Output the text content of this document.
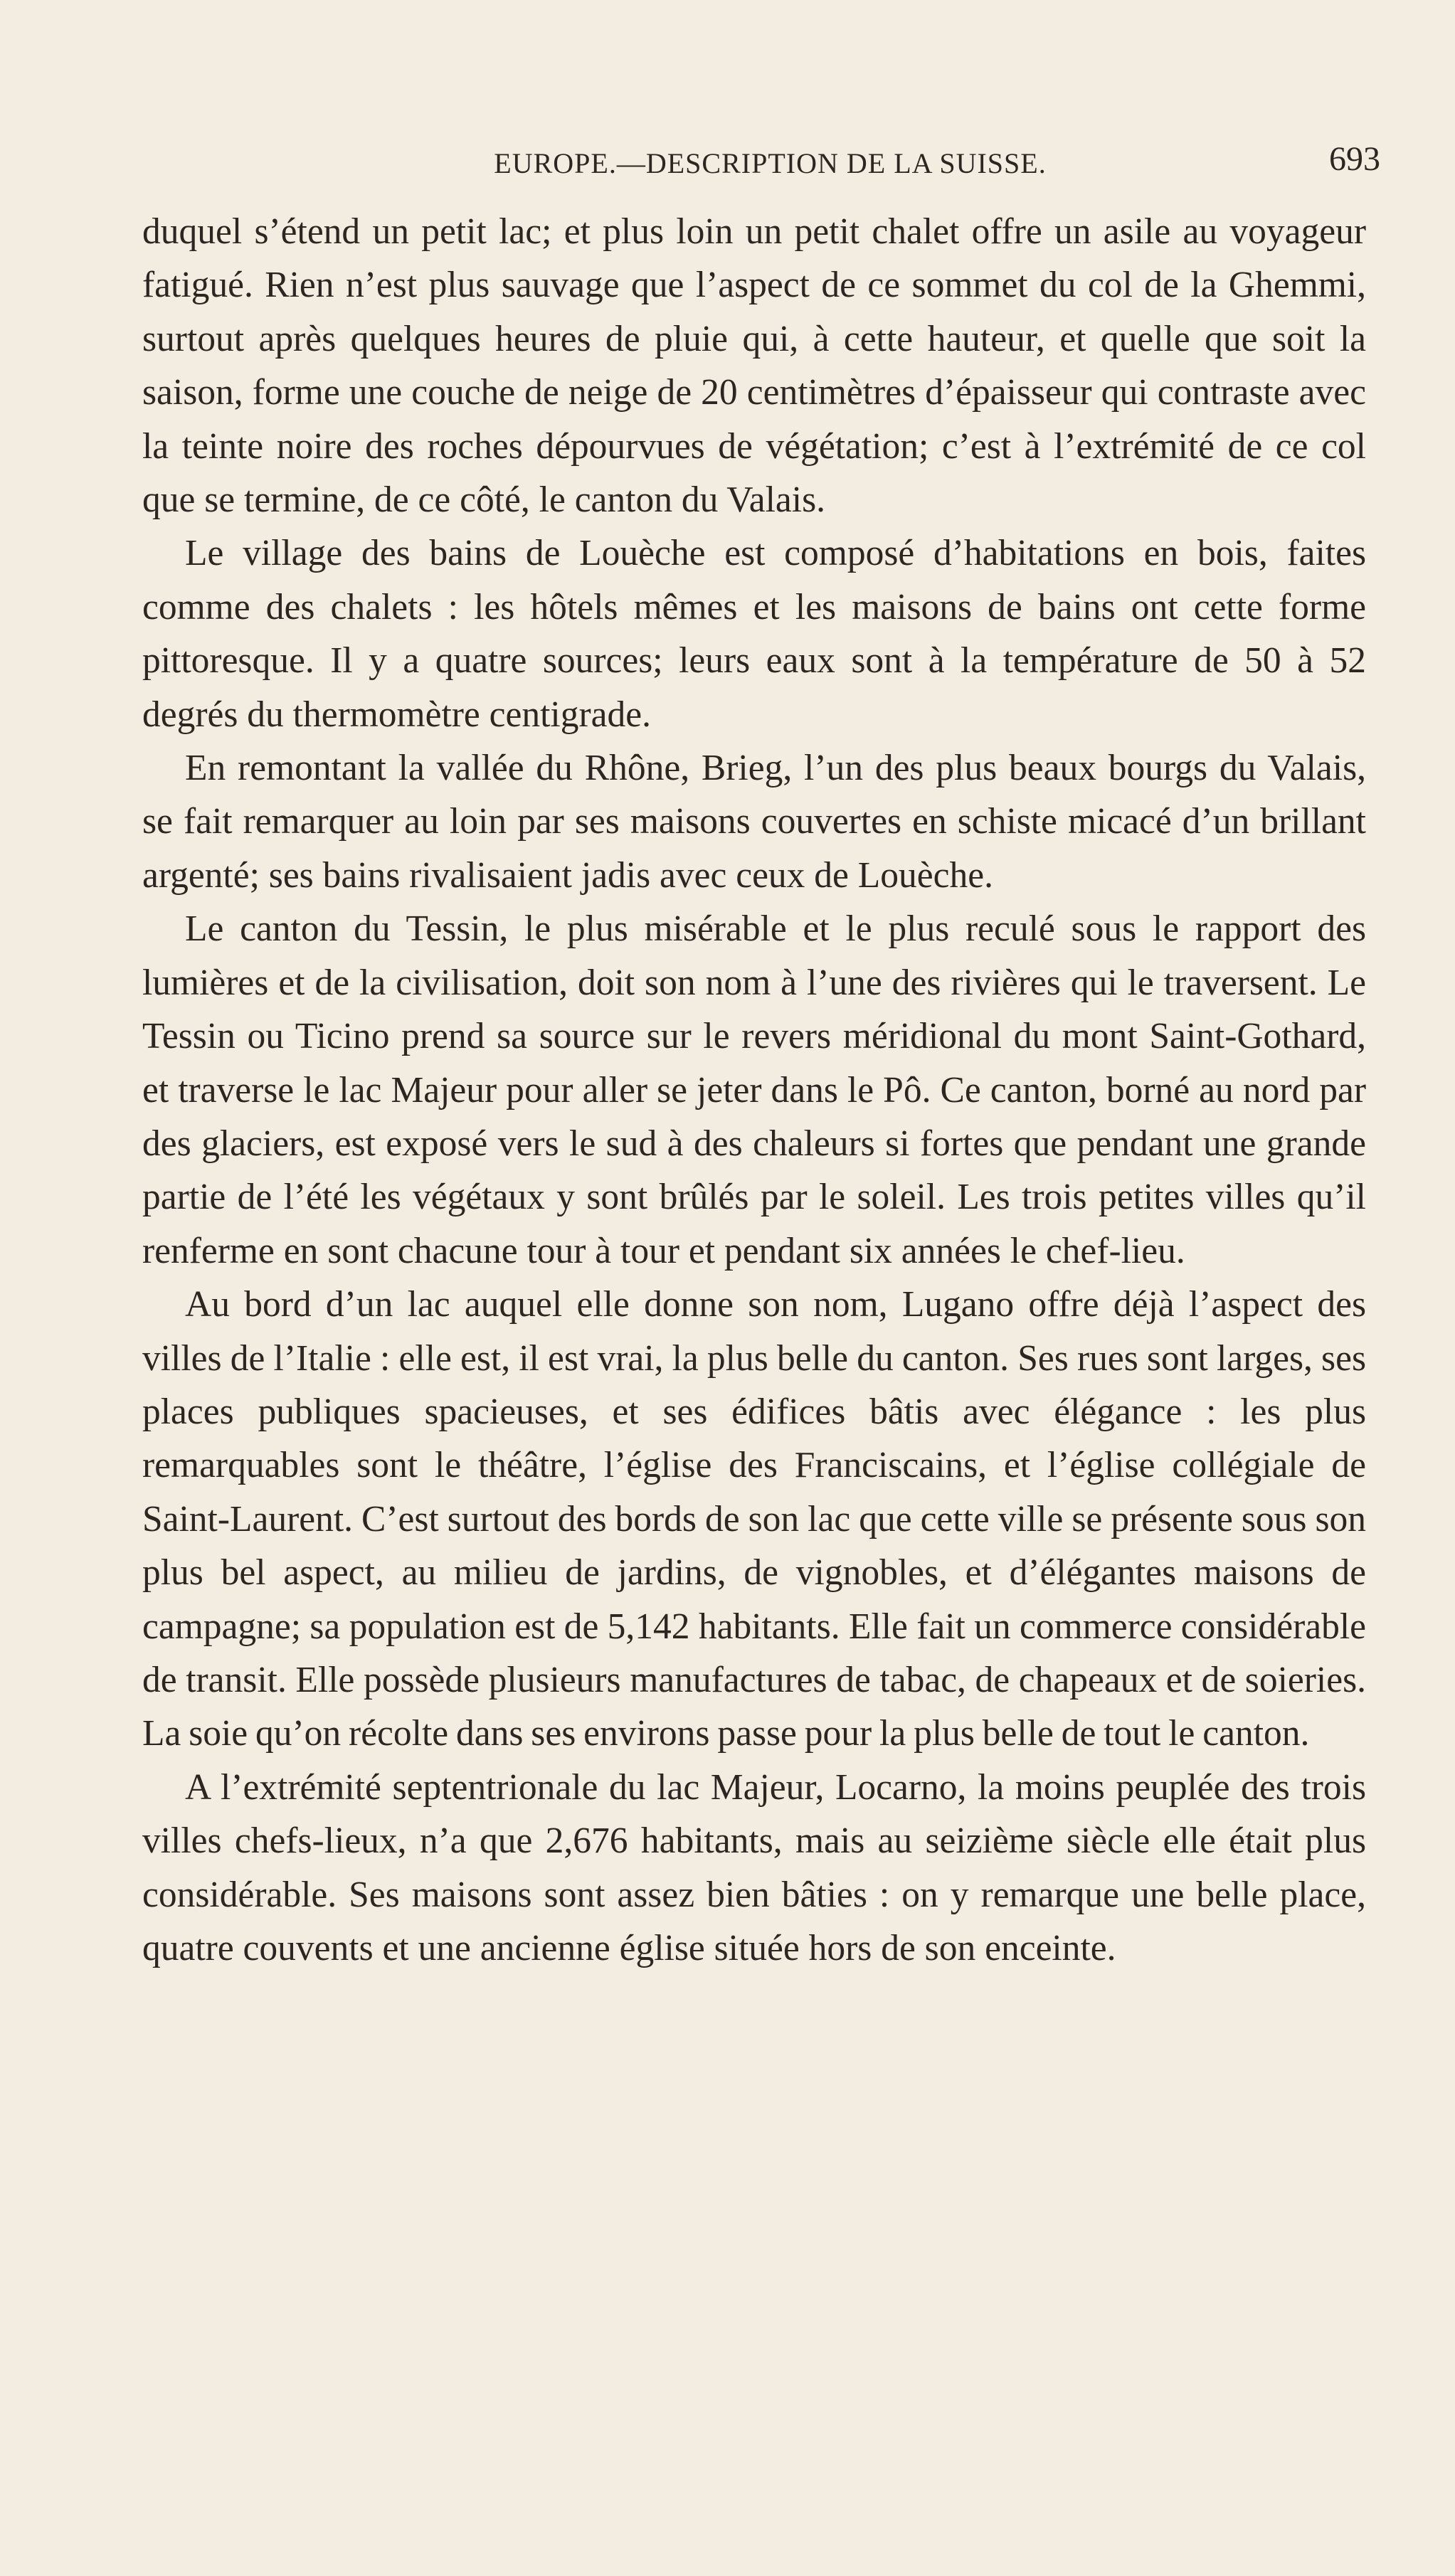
EUROPE.—DESCRIPTION DE LA SUISSE.	693

duquel s’étend un petit lac; et plus loin un petit chalet offre un asile au voyageur fatigué. Rien n’est plus sauvage que l’aspect de ce sommet du col de la Ghemmi, surtout après quelques heures de pluie qui, à cette hauteur, et quelle que soit la saison, forme une couche de neige de 20 centimètres d’épaisseur qui contraste avec la teinte noire des roches dépourvues de végétation; c’est à l’extrémité de ce col que se termine, de ce côté, le canton du Valais.

Le village des bains de Louèche est composé d’habitations en bois, faites comme des chalets : les hôtels mêmes et les maisons de bains ont cette forme pittoresque. Il y a quatre sources; leurs eaux sont à la température de 50 à 52 degrés du thermomètre centigrade.

En remontant la vallée du Rhône, Brieg, l’un des plus beaux bourgs du Valais, se fait remarquer au loin par ses maisons couvertes en schiste micacé d’un brillant argenté; ses bains rivalisaient jadis avec ceux de Louèche.

Le canton du Tessin, le plus misérable et le plus reculé sous le rapport des lumières et de la civilisation, doit son nom à l’une des rivières qui le traversent. Le Tessin ou Ticino prend sa source sur le revers méridional du mont Saint-Gothard, et traverse le lac Majeur pour aller se jeter dans le Pô. Ce canton, borné au nord par des glaciers, est exposé vers le sud à des chaleurs si fortes que pendant une grande partie de l’été les végétaux y sont brûlés par le soleil. Les trois petites villes qu’il renferme en sont chacune tour à tour et pendant six années le chef-lieu.

Au bord d’un lac auquel elle donne son nom, Lugano offre déjà l’aspect des villes de l’Italie : elle est, il est vrai, la plus belle du canton. Ses rues sont larges, ses places publiques spacieuses, et ses édifices bâtis avec élégance : les plus remarquables sont le théâtre, l’église des Franciscains, et l’église collégiale de Saint-Laurent. C’est surtout des bords de son lac que cette ville se présente sous son plus bel aspect, au milieu de jardins, de vignobles, et d’élégantes maisons de campagne; sa population est de 5,142 habitants. Elle fait un commerce considérable de transit. Elle possède plusieurs manufactures de tabac, de chapeaux et de soieries. La soie qu’on récolte dans ses environs passe pour la plus belle de tout le canton.

A l’extrémité septentrionale du lac Majeur, Locarno, la moins peuplée des trois villes chefs-lieux, n’a que 2,676 habitants, mais au seizième siècle elle était plus considérable. Ses maisons sont assez bien bâties : on y remarque une belle place, quatre couvents et une ancienne église située hors de son enceinte.
